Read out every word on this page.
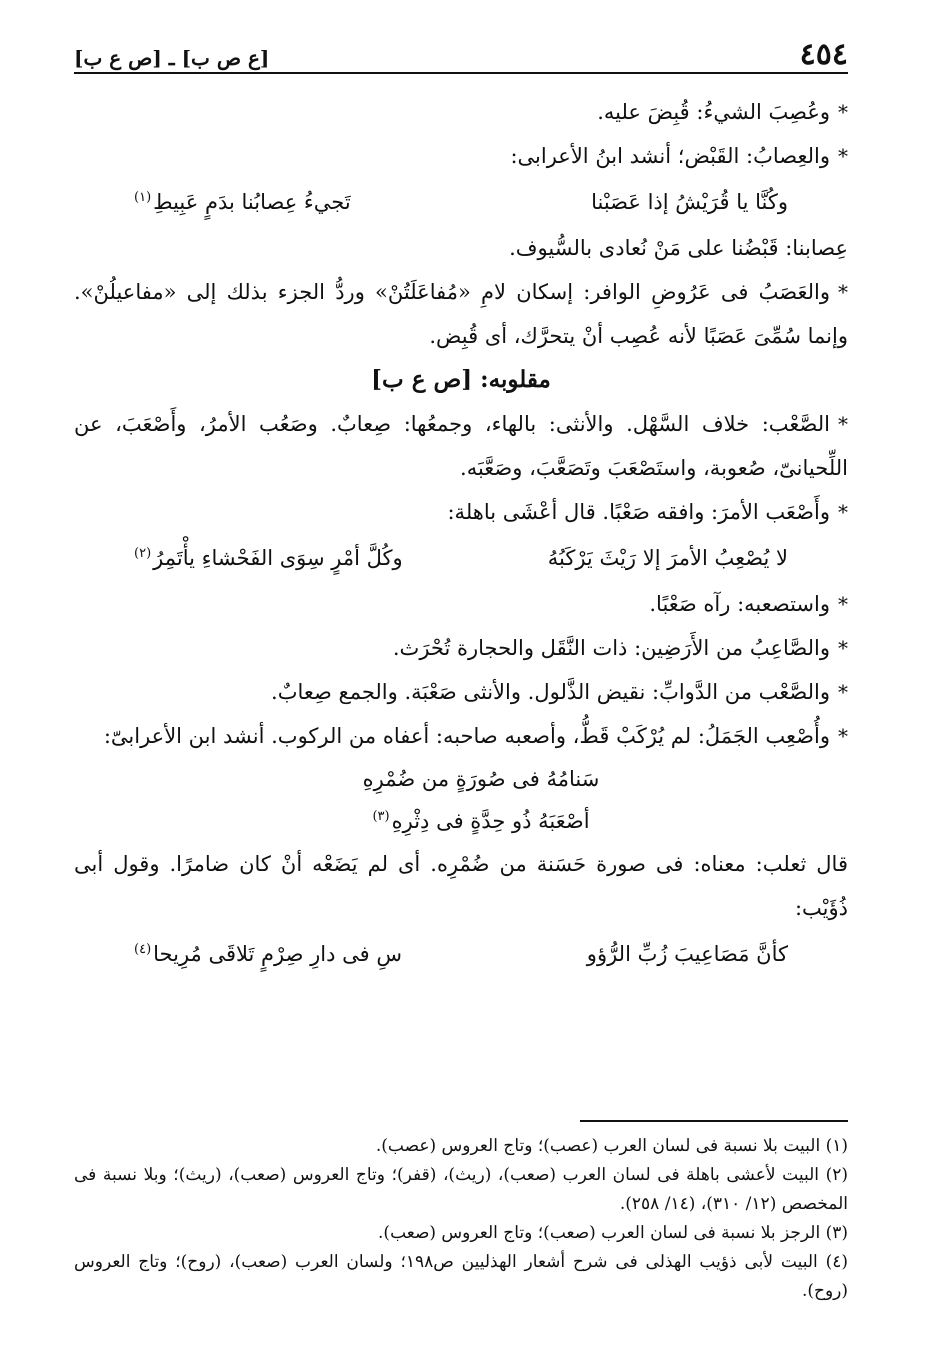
٤٥٤
[ع ص ب] ـ [ص ع ب]

*وعُصِبَ الشيءُ: قُبِضَ عليه.

*والعِصابُ: القَبْض؛ أنشد ابنُ الأعرابى:

وكُنَّا يا قُرَيْشُ إذا عَصَبْنا
تَجيءُ عِصابُنا بدَمٍ عَبِيطِ$^{(١)}$

عِصابنا: قَبْضُنا على مَنْ نُعادى بالسُّيوف.

*والعَصَبُ فى عَرُوضِ الوافر: إسكان لامِ «مُفاعَلَتُنْ» وردُّ الجزء بذلك إلى «مفاعيلُنْ». وإنما سُمِّىَ عَصَبًا لأنه عُصِب أنْ يتحرَّك، أى قُبِض.

مقلوبه: [ص ع ب]

*الصَّعْب: خلاف السَّهْل. والأنثى: بالهاء، وجمعُها: صِعابٌ. وصَعُب الأمرُ، وأَصْعَبَ، عن اللِّحيانىّ، صُعوبة، واستَصْعَبَ وتَصَعَّبَ، وصَعَّبَه.

*وأَصْعَب الأمرَ: وافقه صَعْبًا. قال أعْشَى باهلة:

لا يُصْعِبُ الأمرَ إلا رَيْثَ يَرْكَبُهُ
وكُلَّ أمْرٍ سِوَى الفَحْشاءِ يأْتَمِرُ$^{(٢)}$

*واستصعبه: رآه صَعْبًا.

*والصَّاعِبُ من الأَرَضِين: ذات النَّقَل والحجارة تُحْرَث.

*والصَّعْب من الدَّوابِّ: نقيض الذَّلول. والأنثى صَعْبَة. والجمع صِعابٌ.

*وأُصْعِب الجَمَلُ: لم يُرْكَبْ قَطُّ، وأصعبه صاحبه: أعفاه من الركوب. أنشد ابن الأعرابىّ:

سَنامُهُ فى صُورَةٍ من ضُمْرِهِ
أصْعَبَهُ ذُو حِدَّةٍ فى دِثْرِهِ$^{(٣)}$

قال ثعلب: معناه: فى صورة حَسَنة من ضُمْرِه. أى لم يَضَعْه أنْ كان ضامرًا. وقول أبى ذُؤَيْب:

كأنَّ مَصَاعِيبَ زُبِّ الرُّؤو
سِ فى دارِ صِرْمٍ تَلاقَى مُرِيحا$^{(٤)}$

(١) البيت بلا نسبة فى لسان العرب (عصب)؛ وتاج العروس (عصب).

(٢) البيت لأعشى باهلة فى لسان العرب (صعب)، (ريث)، (قفر)؛ وتاج العروس (صعب)، (ريث)؛ وبلا نسبة فى المخصص (١٢/ ٣١٠)، (١٤/ ٢٥٨).

(٣) الرجز بلا نسبة فى لسان العرب (صعب)؛ وتاج العروس (صعب).

(٤) البيت لأبى ذؤيب الهذلى فى شرح أشعار الهذليين ص١٩٨؛ ولسان العرب (صعب)، (روح)؛ وتاج العروس (روح).
